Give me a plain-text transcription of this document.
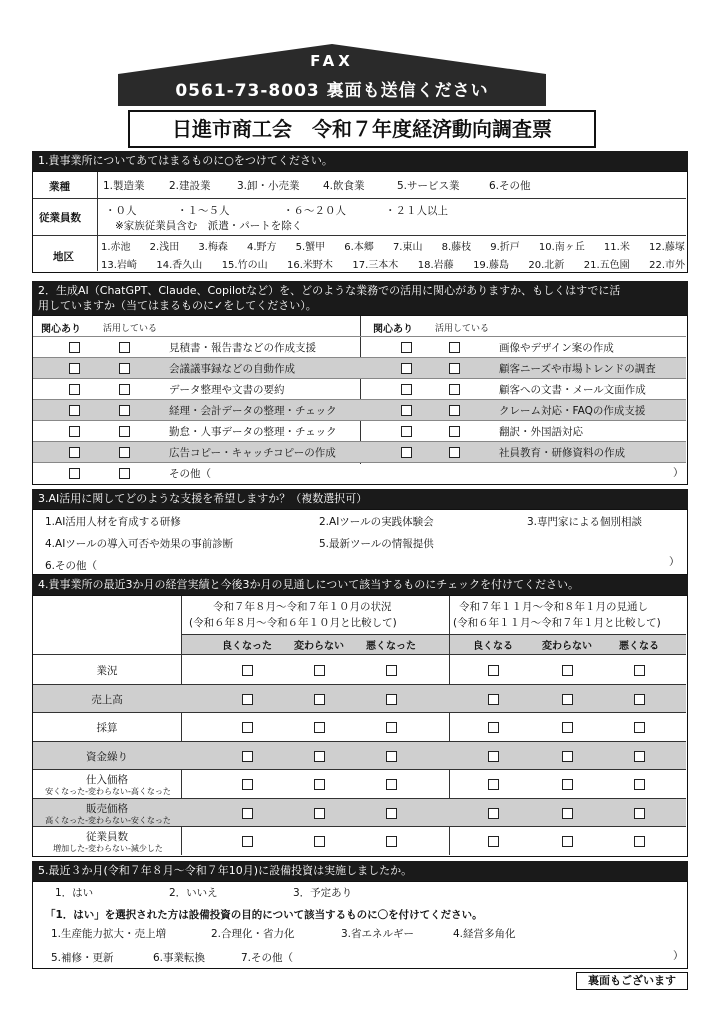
FAX
0561-73-8003 裏面も送信ください
日進市商工会　令和７年度経済動向調査票
1.貴事業所についてあてはまるものに○をつけてください。
業種	1.製造業 2.建設業	3.卸・小売業 4.飲食業	5.サービス業	6.その他
従業員数
・０人	・１～５人	・６～２０人	・２１人以上
※家族従業員含む　派遣・パートを除く
地区
1.赤池 2.浅田 3.梅森 4.野方 5.蟹甲 6.本郷 7.東山 8.藤枝 9.折戸 10.南ヶ丘 11.米 12.藤塚
13.岩崎 14.香久山 15.竹の山 16.米野木 17.三本木 18.岩藤 19.藤島 20.北新 21.五色園 22.市外
2．生成AI（ChatGPT、Claude、Copilotなど）を、どのような業務での活用に関心がありますか、もしくはすでに活
用していますか（当てはまるものに✓をしてください）。
関心あり 活用している	関心あり 活用している
見積書・報告書などの作成支援	画像やデザイン案の作成
会議議事録などの自動作成	顧客ニーズや市場トレンドの調査
データ整理や文書の要約	顧客への文書・メール文面作成
経理・会計データの整理・チェック	クレーム対応・FAQの作成支援
勤怠・人事データの整理・チェック	翻訳・外国語対応
広告コピー・キャッチコピーの作成	社員教育・研修資料の作成
その他（	）
3.AI活用に関してどのような支援を希望しますか？（複数選択可）
1.AI活用人材を育成する研修	2.AIツールの実践体験会	3.専門家による個別相談
4.AIツールの導入可否や効果の事前診断	5.最新ツールの情報提供
6.その他（	）
4.貴事業所の最近3か月の経営実績と今後3か月の見通しについて該当するものにチェックを付けてください。
令和７年８月～令和７年１０月の状況
(令和６年８月～令和６年１０月と比較して)
令和７年１１月～令和８年１月の見通し
(令和６年１１月～令和７年１月と比較して)
良くなった	変わらない	悪くなった	良くなる	変わらない	悪くなる
業況
売上高
採算
資金繰り
仕入価格
安くなった-変わらない-高くなった
販売価格
高くなった-変わらない-安くなった
従業員数
増加した-変わらない-減少した
5.最近３か月(令和７年８月～令和７年10月)に設備投資は実施しましたか。
1．はい	2．いいえ	3．予定あり
「1．はい」を選択された方は設備投資の目的について該当するものに〇を付けてください。
1.生産能力拡大・売上増	2.合理化・省力化	3.省エネルギー	4.経営多角化
5.補修・更新	6.事業転換	7.その他（	）
裏面もございます
